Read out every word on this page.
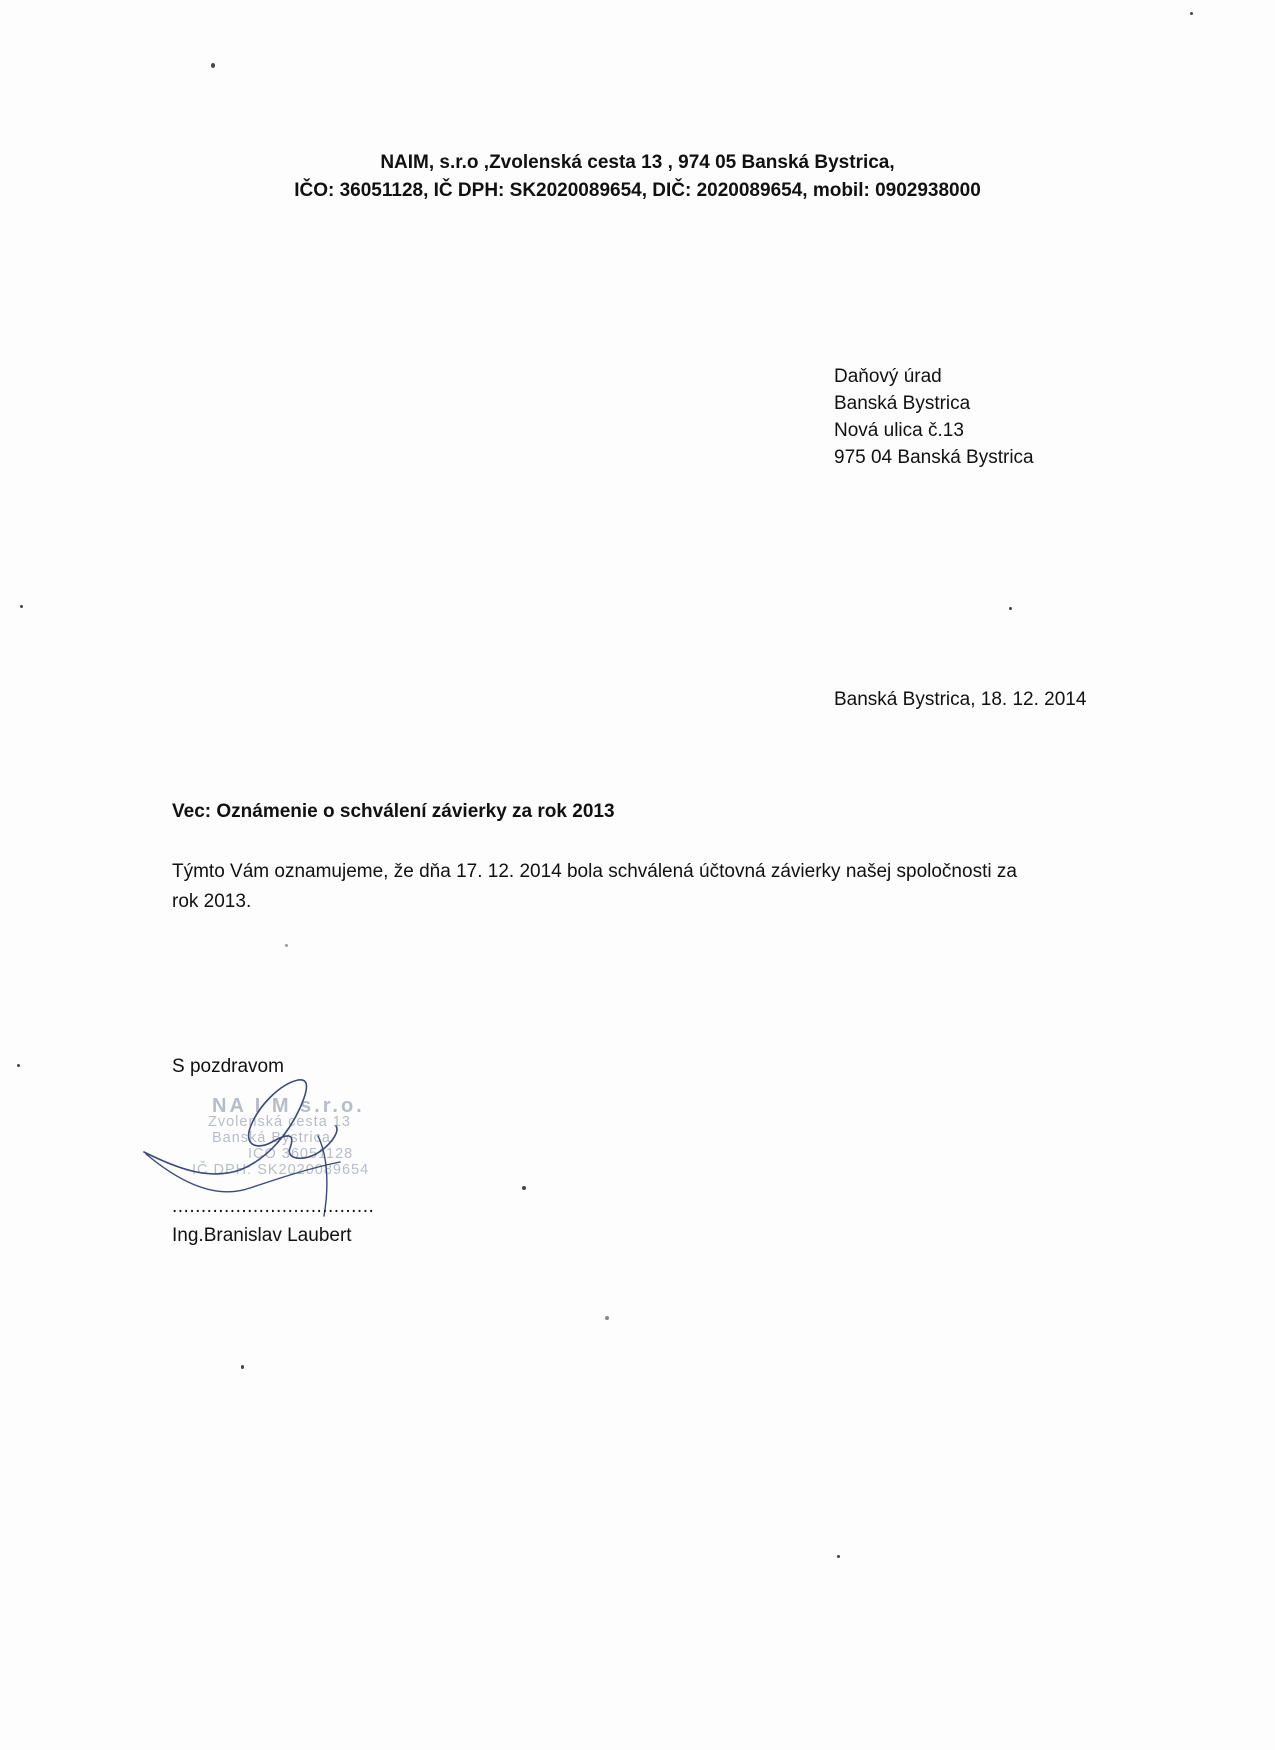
NAIM, s.r.o ,Zvolenská cesta 13 , 974 05 Banská Bystrica,
IČO: 36051128, IČ DPH: SK2020089654, DIČ: 2020089654, mobil: 0902938000
Daňový úrad
Banská Bystrica
Nová ulica č.13
975 04 Banská Bystrica
Banská Bystrica, 18. 12. 2014
Vec: Oznámenie o schválení závierky za rok 2013
Týmto Vám oznamujeme, že dňa 17. 12. 2014 bola schválená účtovná závierky našej spoločnosti za
rok 2013.
S pozdravom
NA I M s.r.o.
Zvolenská cesta 13
Banská Bystrica
IČO 36051128
IČ DPH: SK2020089654
...................................
Ing.Branislav Laubert
